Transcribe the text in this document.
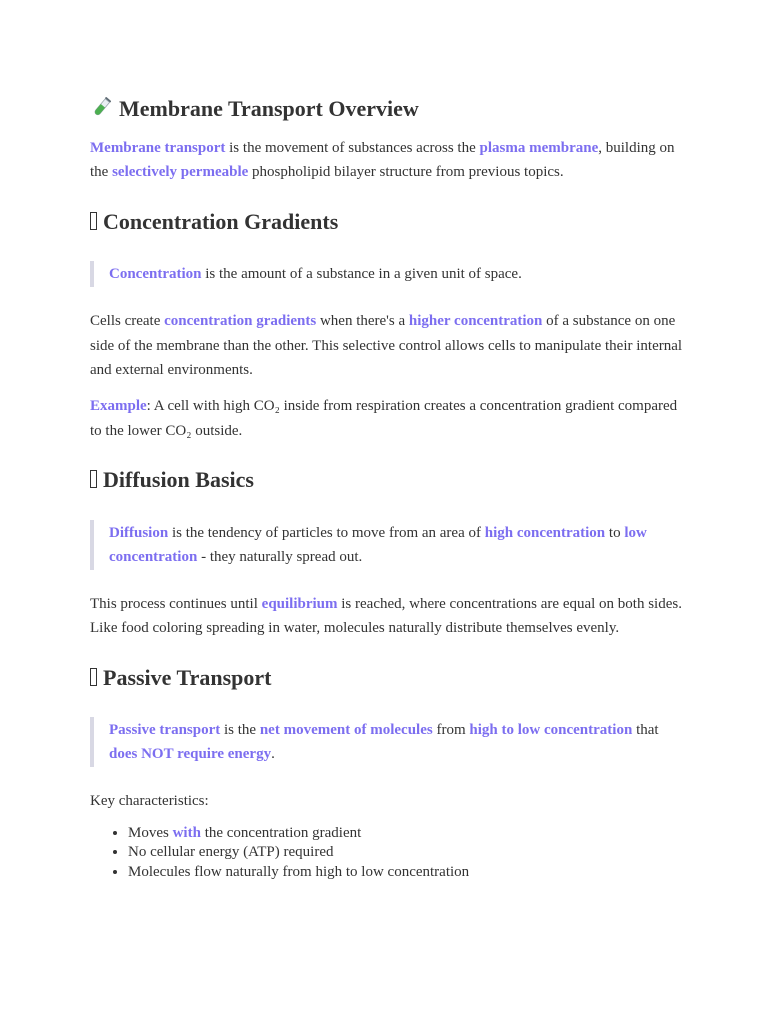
Membrane Transport Overview

Membrane transport is the movement of substances across the plasma membrane, building on the selectively permeable phospholipid bilayer structure from previous topics.

Concentration Gradients

Concentration is the amount of a substance in a given unit of space.

Cells create concentration gradients when there's a higher concentration of a substance on one side of the membrane than the other. This selective control allows cells to manipulate their internal and external environments.

Example: A cell with high CO₂ inside from respiration creates a concentration gradient compared to the lower CO₂ outside.

Diffusion Basics

Diffusion is the tendency of particles to move from an area of high concentration to low concentration - they naturally spread out.

This process continues until equilibrium is reached, where concentrations are equal on both sides. Like food coloring spreading in water, molecules naturally distribute themselves evenly.

Passive Transport

Passive transport is the net movement of molecules from high to low concentration that does NOT require energy.

Key characteristics:

• Moves with the concentration gradient
• No cellular energy (ATP) required
• Molecules flow naturally from high to low concentration
